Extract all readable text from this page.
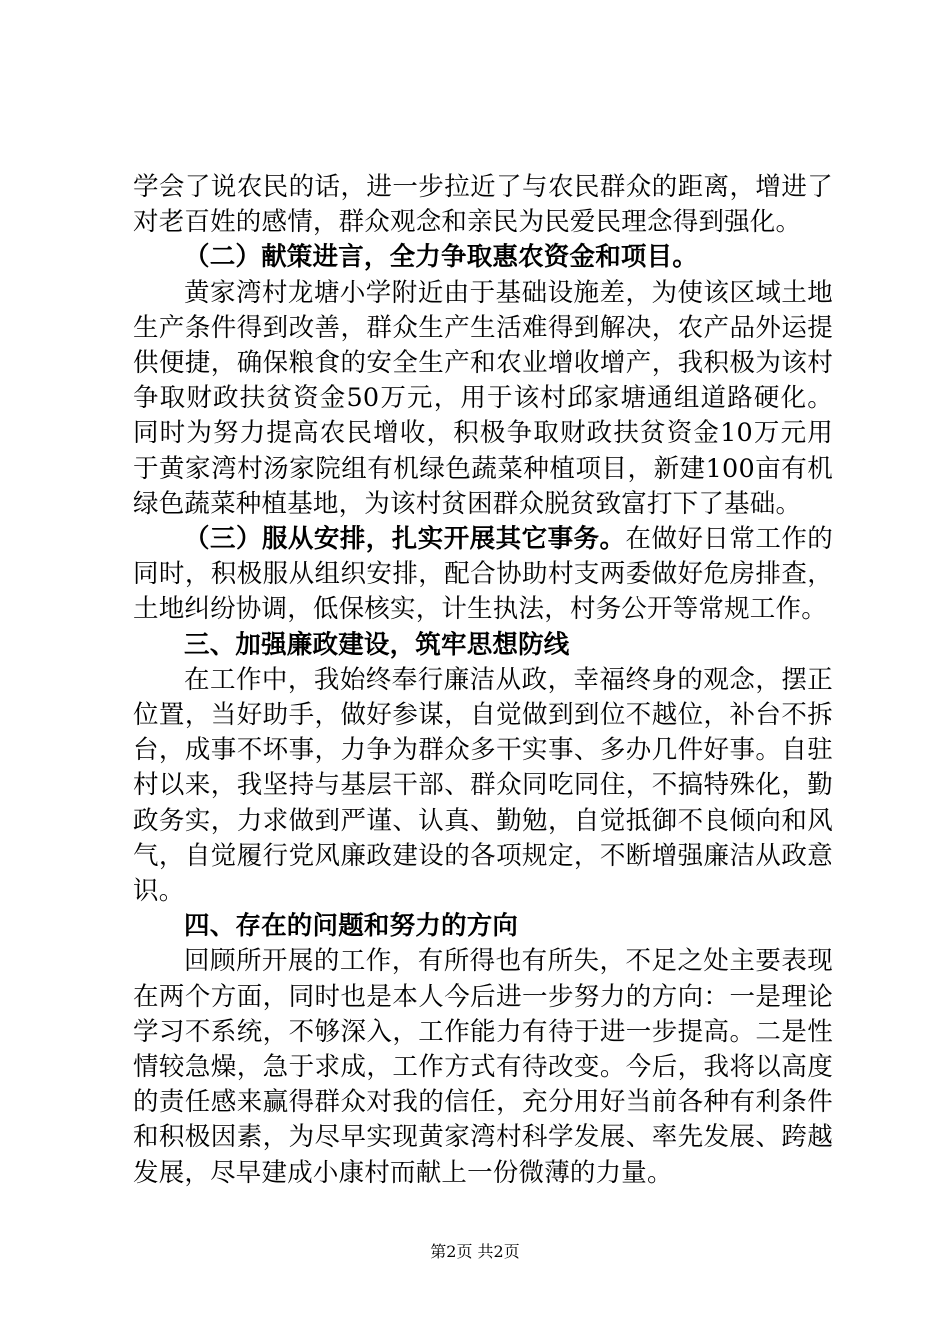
学会了说农民的话，进一步拉近了与农民群众的距离，增进了对老百姓的感情，群众观念和亲民为民爱民理念得到强化。

（二）献策进言，全力争取惠农资金和项目。

黄家湾村龙塘小学附近由于基础设施差，为使该区域土地生产条件得到改善，群众生产生活难得到解决，农产品外运提供便捷，确保粮食的安全生产和农业增收增产，我积极为该村争取财政扶贫资金50万元，用于该村邱家塘通组道路硬化。同时为努力提高农民增收，积极争取财政扶贫资金10万元用于黄家湾村汤家院组有机绿色蔬菜种植项目，新建100亩有机绿色蔬菜种植基地，为该村贫困群众脱贫致富打下了基础。

（三）服从安排，扎实开展其它事务。在做好日常工作的同时，积极服从组织安排，配合协助村支两委做好危房排查，土地纠纷协调，低保核实，计生执法，村务公开等常规工作。

三、加强廉政建设，筑牢思想防线

在工作中，我始终奉行廉洁从政，幸福终身的观念，摆正位置，当好助手，做好参谋，自觉做到到位不越位，补台不拆台，成事不坏事，力争为群众多干实事、多办几件好事。自驻村以来，我坚持与基层干部、群众同吃同住，不搞特殊化，勤政务实，力求做到严谨、认真、勤勉，自觉抵御不良倾向和风气，自觉履行党风廉政建设的各项规定，不断增强廉洁从政意识。

四、存在的问题和努力的方向

回顾所开展的工作，有所得也有所失，不足之处主要表现在两个方面，同时也是本人今后进一步努力的方向：一是理论学习不系统，不够深入，工作能力有待于进一步提高。二是性情较急燥，急于求成，工作方式有待改变。今后，我将以高度的责任感来赢得群众对我的信任，充分用好当前各种有利条件和积极因素，为尽早实现黄家湾村科学发展、率先发展、跨越发展，尽早建成小康村而献上一份微薄的力量。

第2页 共2页
